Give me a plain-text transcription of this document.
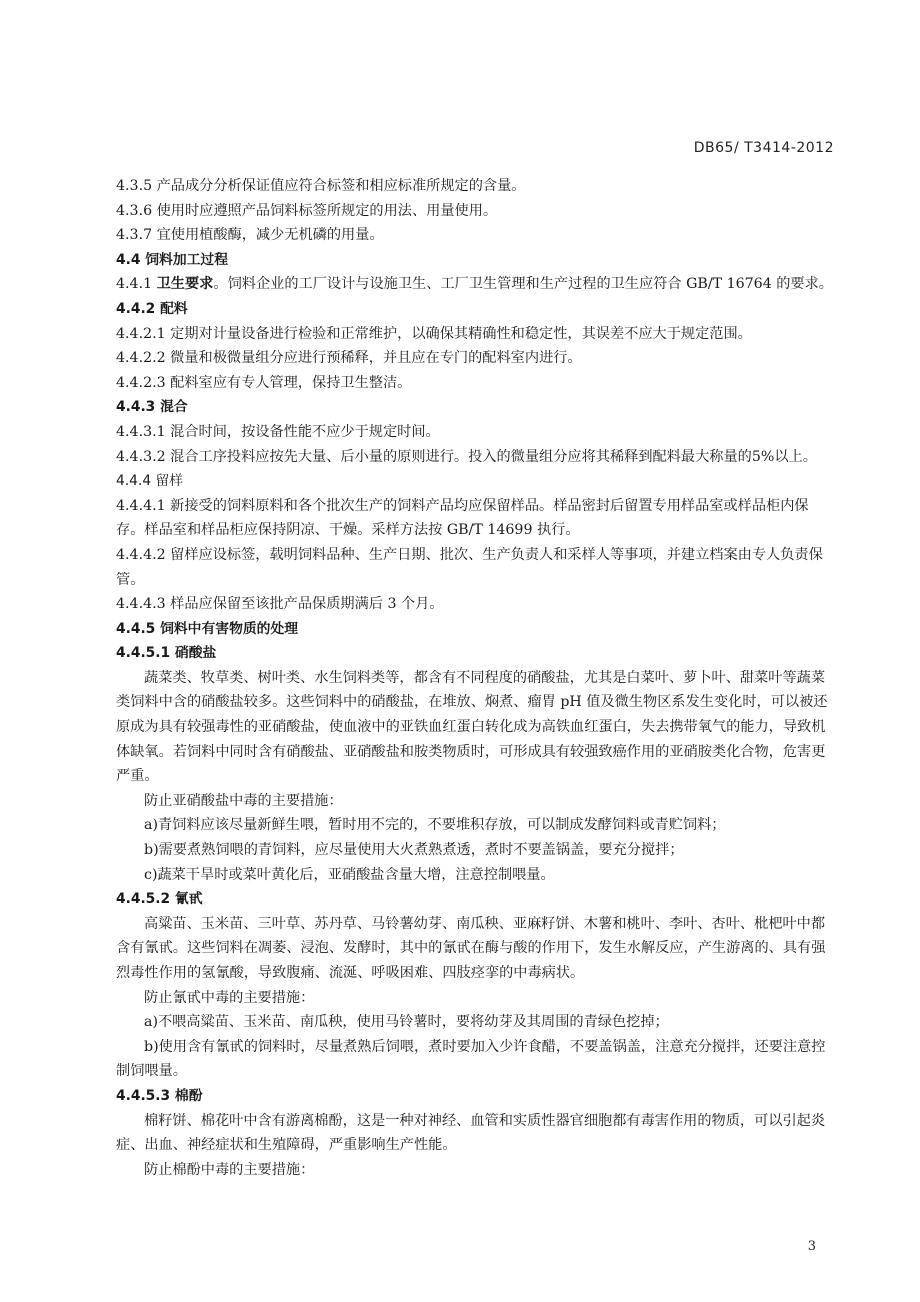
DB65/ T3414-2012
4.3.5 产品成分分析保证值应符合标签和相应标准所规定的含量。
4.3.6 使用时应遵照产品饲料标签所规定的用法、用量使用。
4.3.7 宜使用植酸酶，减少无机磷的用量。
4.4 饲料加工过程
4.4.1 卫生要求。饲料企业的工厂设计与设施卫生、工厂卫生管理和生产过程的卫生应符合 GB/T 16764 的要求。
4.4.2 配料
4.4.2.1 定期对计量设备进行检验和正常维护，以确保其精确性和稳定性，其误差不应大于规定范围。
4.4.2.2 微量和极微量组分应进行预稀释，并且应在专门的配料室内进行。
4.4.2.3 配料室应有专人管理，保持卫生整洁。
4.4.3 混合
4.4.3.1 混合时间，按设备性能不应少于规定时间。
4.4.3.2 混合工序投料应按先大量、后小量的原则进行。投入的微量组分应将其稀释到配料最大称量的5%以上。
4.4.4 留样
4.4.4.1 新接受的饲料原料和各个批次生产的饲料产品均应保留样品。样品密封后留置专用样品室或样品柜内保存。样品室和样品柜应保持阴凉、干燥。采样方法按 GB/T 14699 执行。
4.4.4.2 留样应设标签，载明饲料品种、生产日期、批次、生产负责人和采样人等事项，并建立档案由专人负责保管。
4.4.4.3 样品应保留至该批产品保质期满后 3 个月。
4.4.5 饲料中有害物质的处理
4.4.5.1 硝酸盐
蔬菜类、牧草类、树叶类、水生饲料类等，都含有不同程度的硝酸盐，尤其是白菜叶、萝卜叶、甜菜叶等蔬菜类饲料中含的硝酸盐较多。这些饲料中的硝酸盐，在堆放、焖煮、瘤胃 pH 值及微生物区系发生变化时，可以被还原成为具有较强毒性的亚硝酸盐，使血液中的亚铁血红蛋白转化成为高铁血红蛋白，失去携带氧气的能力，导致机体缺氧。若饲料中同时含有硝酸盐、亚硝酸盐和胺类物质时，可形成具有较强致癌作用的亚硝胺类化合物，危害更严重。
防止亚硝酸盐中毒的主要措施：
a)青饲料应该尽量新鲜生喂，暂时用不完的，不要堆积存放，可以制成发酵饲料或青贮饲料；
b)需要煮熟饲喂的青饲料，应尽量使用大火煮熟煮透，煮时不要盖锅盖，要充分搅拌；
c)蔬菜干旱时或菜叶黄化后，亚硝酸盐含量大增，注意控制喂量。
4.4.5.2 氰甙
高粱苗、玉米苗、三叶草、苏丹草、马铃薯幼芽、南瓜秧、亚麻籽饼、木薯和桃叶、李叶、杏叶、枇杷叶中都含有氰甙。这些饲料在凋萎、浸泡、发酵时，其中的氰甙在酶与酸的作用下，发生水解反应，产生游离的、具有强烈毒性作用的氢氰酸，导致腹痛、流涎、呼吸困难、四肢痉挛的中毒病状。
防止氰甙中毒的主要措施：
a)不喂高粱苗、玉米苗、南瓜秧，使用马铃薯时，要将幼芽及其周围的青绿色挖掉；
b)使用含有氰甙的饲料时，尽量煮熟后饲喂，煮时要加入少许食醋，不要盖锅盖，注意充分搅拌，还要注意控制饲喂量。
4.4.5.3 棉酚
棉籽饼、棉花叶中含有游离棉酚，这是一种对神经、血管和实质性器官细胞都有毒害作用的物质，可以引起炎症、出血、神经症状和生殖障碍，严重影响生产性能。
防止棉酚中毒的主要措施：
3
